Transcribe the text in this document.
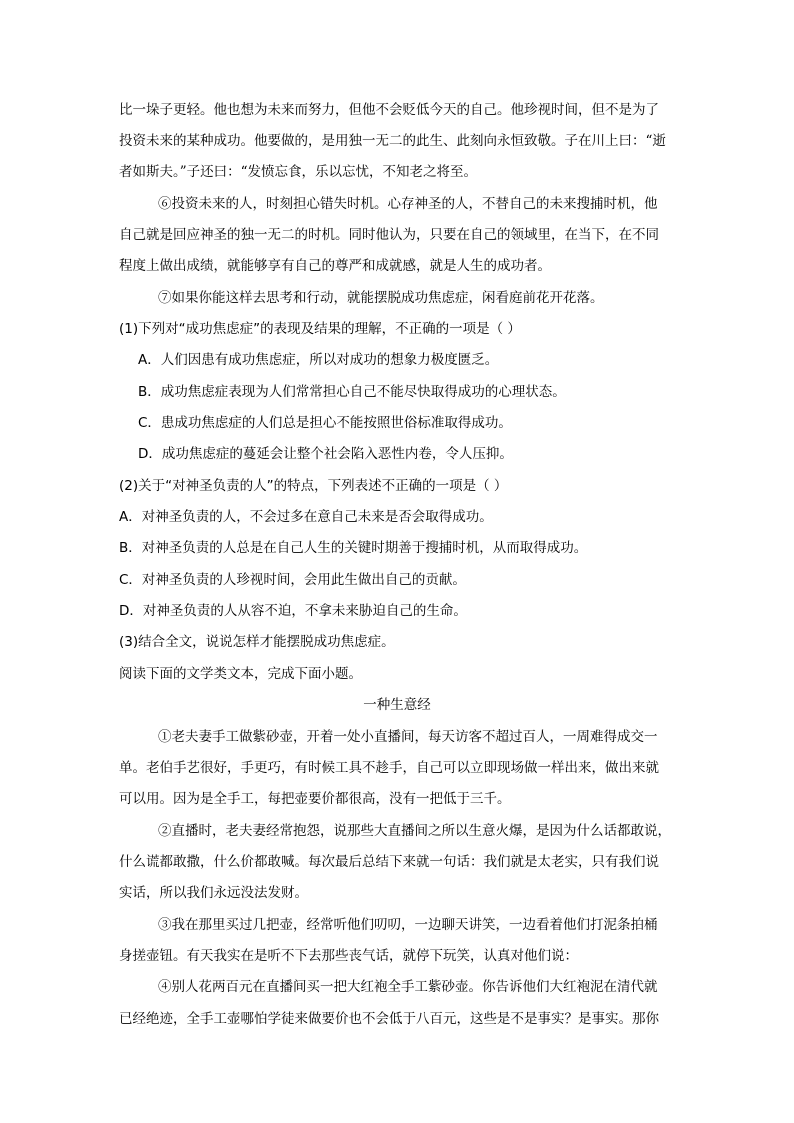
比一垛子更轻。他也想为未来而努力，但他不会贬低今天的自己。他珍视时间，但不是为了
投资未来的某种成功。他要做的，是用独一无二的此生、此刻向永恒致敬。子在川上曰：“逝
者如斯夫。”子还曰：“发愤忘食，乐以忘忧，不知老之将至。
⑥投资未来的人，时刻担心错失时机。心存神圣的人，不替自己的未来搜捕时机，他
自己就是回应神圣的独一无二的时机。同时他认为，只要在自己的领域里，在当下，在不同
程度上做出成绩，就能够享有自己的尊严和成就感，就是人生的成功者。
⑦如果你能这样去思考和行动，就能摆脱成功焦虑症，闲看庭前花开花落。
(1)下列对“成功焦虑症”的表现及结果的理解，不正确的一项是（ ）
A．人们因患有成功焦虑症，所以对成功的想象力极度匮乏。
B．成功焦虑症表现为人们常常担心自己不能尽快取得成功的心理状态。
C．患成功焦虑症的人们总是担心不能按照世俗标准取得成功。
D．成功焦虑症的蔓延会让整个社会陷入恶性内卷，令人压抑。
(2)关于“对神圣负责的人”的特点，下列表述不正确的一项是（ ）
A．对神圣负责的人，不会过多在意自己未来是否会取得成功。
B．对神圣负责的人总是在自己人生的关键时期善于搜捕时机，从而取得成功。
C．对神圣负责的人珍视时间，会用此生做出自己的贡献。
D．对神圣负责的人从容不迫，不拿未来胁迫自己的生命。
(3)结合全文，说说怎样才能摆脱成功焦虑症。
阅读下面的文学类文本，完成下面小题。
一种生意经
①老夫妻手工做紫砂壶，开着一处小直播间，每天访客不超过百人，一周难得成交一
单。老伯手艺很好，手更巧，有时候工具不趁手，自己可以立即现场做一样出来，做出来就
可以用。因为是全手工，每把壶要价都很高，没有一把低于三千。
②直播时，老夫妻经常抱怨，说那些大直播间之所以生意火爆，是因为什么话都敢说，
什么谎都敢撒，什么价都敢喊。每次最后总结下来就一句话：我们就是太老实，只有我们说
实话，所以我们永远没法发财。
③我在那里买过几把壶，经常听他们叨叨，一边聊天讲笑，一边看着他们打泥条拍桶
身搓壶钮。有天我实在是听不下去那些丧气话，就停下玩笑，认真对他们说：
④别人花两百元在直播间买一把大红袍全手工紫砂壶。你告诉他们大红袍泥在清代就
已经绝迹，全手工壶哪怕学徒来做要价也不会低于八百元，这些是不是事实？是事实。那你
